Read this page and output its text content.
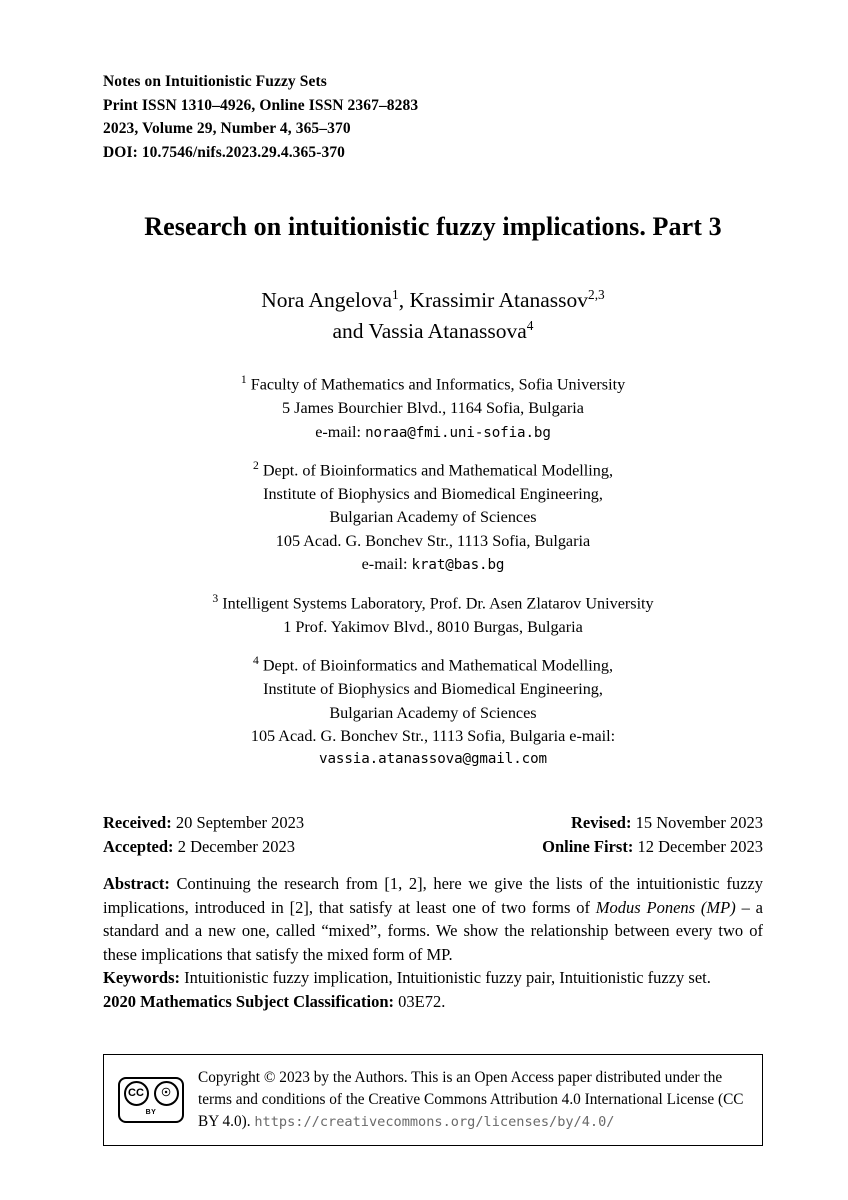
Notes on Intuitionistic Fuzzy Sets
Print ISSN 1310–4926, Online ISSN 2367–8283
2023, Volume 29, Number 4, 365–370
DOI: 10.7546/nifs.2023.29.4.365-370
Research on intuitionistic fuzzy implications. Part 3
Nora Angelova$^1$, Krassimir Atanassov$^{2,3}$
and Vassia Atanassova$^4$
$^1$ Faculty of Mathematics and Informatics, Sofia University
5 James Bourchier Blvd., 1164 Sofia, Bulgaria
e-mail: noraa@fmi.uni-sofia.bg
$^2$ Dept. of Bioinformatics and Mathematical Modelling,
Institute of Biophysics and Biomedical Engineering,
Bulgarian Academy of Sciences
105 Acad. G. Bonchev Str., 1113 Sofia, Bulgaria
e-mail: krat@bas.bg
$^3$ Intelligent Systems Laboratory, Prof. Dr. Asen Zlatarov University
1 Prof. Yakimov Blvd., 8010 Burgas, Bulgaria
$^4$ Dept. of Bioinformatics and Mathematical Modelling,
Institute of Biophysics and Biomedical Engineering,
Bulgarian Academy of Sciences
105 Acad. G. Bonchev Str., 1113 Sofia, Bulgaria e-mail:
vassia.atanassova@gmail.com
Received: 20 September 2023	Revised: 15 November 2023
Accepted: 2 December 2023	Online First: 12 December 2023

Abstract: Continuing the research from [1, 2], here we give the lists of the intuitionistic fuzzy implications, introduced in [2], that satisfy at least one of two forms of Modus Ponens (MP) – a standard and a new one, called “mixed”, forms. We show the relationship between every two of these implications that satisfy the mixed form of MP.

Keywords: Intuitionistic fuzzy implication, Intuitionistic fuzzy pair, Intuitionistic fuzzy set.

2020 Mathematics Subject Classification: 03E72.

CC	☉
BY
Copyright © 2023 by the Authors. This is an Open Access paper distributed under the terms and conditions of the Creative Commons Attribution 4.0 International License (CC BY 4.0). https://creativecommons.org/licenses/by/4.0/
